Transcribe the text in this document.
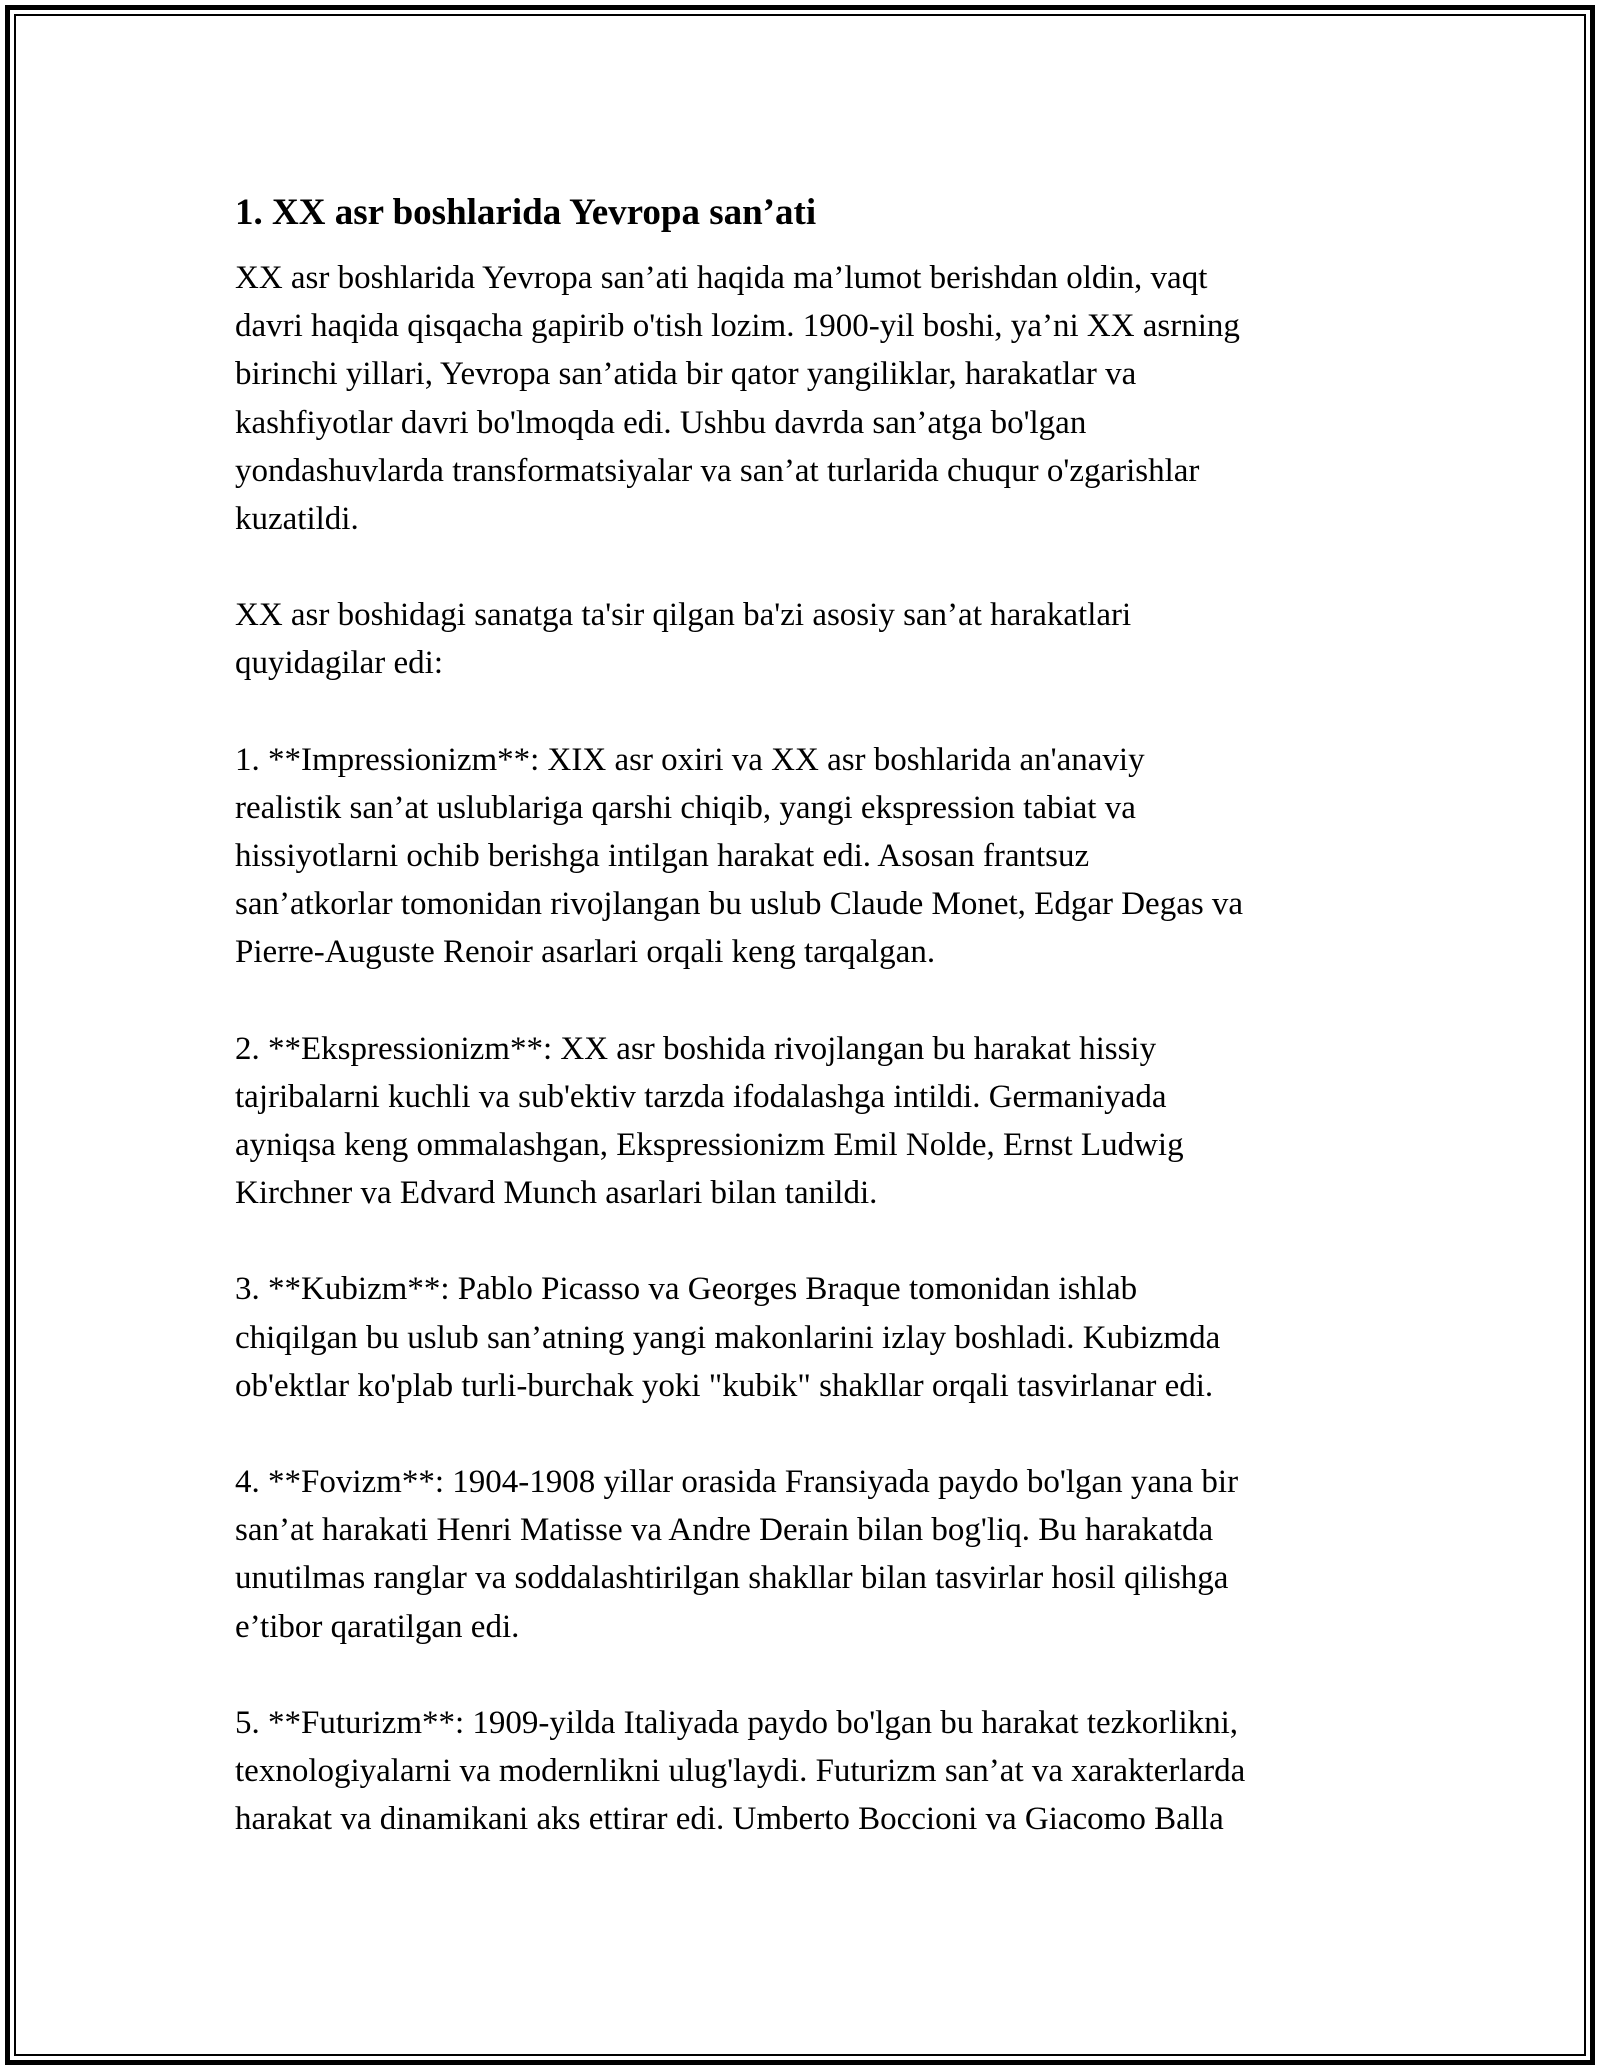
1. XX asr boshlarida Yevropa san’ati

XX asr boshlarida Yevropa san’ati haqida ma’lumot berishdan oldin, vaqt
davri haqida qisqacha gapirib o'tish lozim. 1900-yil boshi, ya’ni XX asrning
birinchi yillari, Yevropa san’atida bir qator yangiliklar, harakatlar va
kashfiyotlar davri bo'lmoqda edi. Ushbu davrda san’atga bo'lgan
yondashuvlarda transformatsiyalar va san’at turlarida chuqur o'zgarishlar
kuzatildi.

XX asr boshidagi sanatga ta'sir qilgan ba'zi asosiy san’at harakatlari
quyidagilar edi:

1. **Impressionizm**: XIX asr oxiri va XX asr boshlarida an'anaviy
realistik san’at uslublariga qarshi chiqib, yangi ekspression tabiat va
hissiyotlarni ochib berishga intilgan harakat edi. Asosan frantsuz
san’atkorlar tomonidan rivojlangan bu uslub Claude Monet, Edgar Degas va
Pierre-Auguste Renoir asarlari orqali keng tarqalgan.

2. **Ekspressionizm**: XX asr boshida rivojlangan bu harakat hissiy
tajribalarni kuchli va sub'ektiv tarzda ifodalashga intildi. Germaniyada
ayniqsa keng ommalashgan, Ekspressionizm Emil Nolde, Ernst Ludwig
Kirchner va Edvard Munch asarlari bilan tanildi.

3. **Kubizm**: Pablo Picasso va Georges Braque tomonidan ishlab
chiqilgan bu uslub san’atning yangi makonlarini izlay boshladi. Kubizmda
ob'ektlar ko'plab turli-burchak yoki "kubik" shakllar orqali tasvirlanar edi.

4. **Fovizm**: 1904-1908 yillar orasida Fransiyada paydo bo'lgan yana bir
san’at harakati Henri Matisse va Andre Derain bilan bog'liq. Bu harakatda
unutilmas ranglar va soddalashtirilgan shakllar bilan tasvirlar hosil qilishga
e’tibor qaratilgan edi.

5. **Futurizm**: 1909-yilda Italiyada paydo bo'lgan bu harakat tezkorlikni,
texnologiyalarni va modernlikni ulug'laydi. Futurizm san’at va xarakterlarda
harakat va dinamikani aks ettirar edi. Umberto Boccioni va Giacomo Balla
